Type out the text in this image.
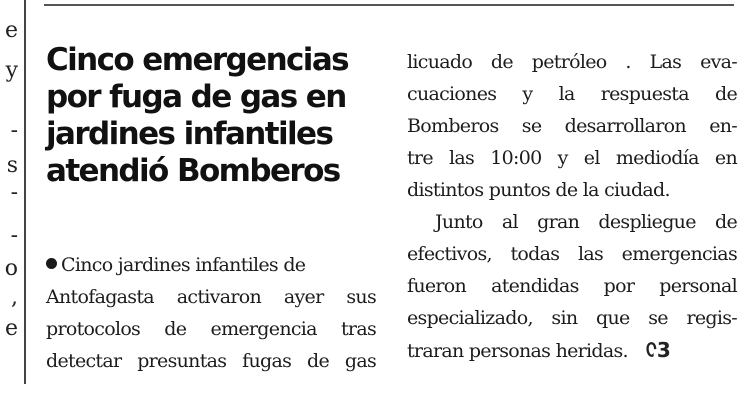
e
y
-
s
-
-
o
,
e
Cinco emergencias
por fuga de gas en
jardines infantiles
atendió Bomberos
Cinco jardines infantiles de
Antofagasta activaron ayer sus
protocolos de emergencia tras
detectar presuntas fugas de gas
licuado de petróleo . Las eva-
cuaciones y la respuesta de
Bomberos se desarrollaron en-
tre las 10:00 y el mediodía en
distintos puntos de la ciudad.
Junto al gran despliegue de
efectivos, todas las emergencias
fueron atendidas por personal
especializado, sin que se regis-
traran personas heridas. ᢗ3
